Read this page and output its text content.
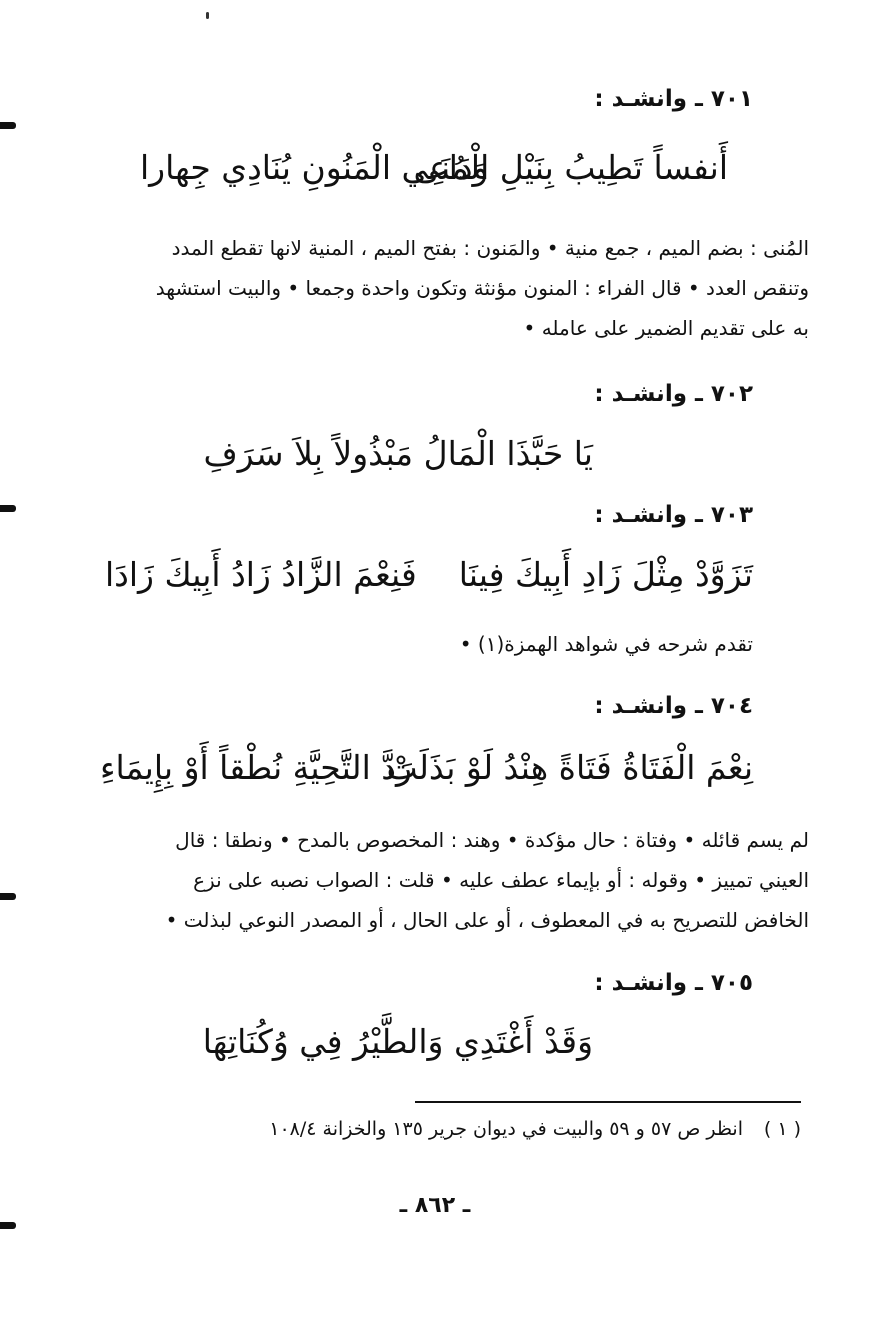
٧٠١ ـ وانشـد :
أَنفساً تَطِيبُ بِنَيْلِ الْمُنَى
وَدَاعِي الْمَنُونِ يُنَادِي جِهارا

المُنى : بضم الميم ، جمع منية • والمَنون : بفتح الميم ، المنية لانها تقطع المدد

وتنقص العدد • قال الفراء : المنون مؤنثة وتكون واحدة وجمعا • والبيت استشهد

به على تقديم الضمير على عامله •

٧٠٢ ـ وانشـد :
يَا حَبَّذَا الْمَالُ مَبْذُولاً بِلاَ سَرَفِ
٧٠٣ ـ وانشـد :
تَزَوَّدْ مِثْلَ زَادِ أَبِيكَ فِينَا
فَنِعْمَ الزَّادُ زَادُ أَبِيكَ زَادَا
تقدم شرحه في شواهد الهمزة(١) •
٧٠٤ ـ وانشـد :
نِعْمَ الْفَتَاةُ فَتَاةً هِنْدُ لَوْ بَذَلَتْ
رَدَّ التَّحِيَّةِ نُطْقاً أَوْ بِإِيمَاءِ

لم يسم قائله • وفتاة : حال مؤكدة • وهند : المخصوص بالمدح • ونطقا : قال

العيني تمييز • وقوله : أو بإيماء عطف عليه • قلت : الصواب نصبه على نزع

الخافض للتصريح به في المعطوف ، أو على الحال ، أو المصدر النوعي لبذلت •

٧٠٥ ـ وانشـد :
وَقَدْ أَغْتَدِي وَالطَّيْرُ فِي وُكُنَاتِهَا
( ١ )
انظر ص ٥٧ و ٥٩ والبيت في ديوان جرير ١٣٥ والخزانة ١٠٨/٤
ـ ٨٦٢ ـ
